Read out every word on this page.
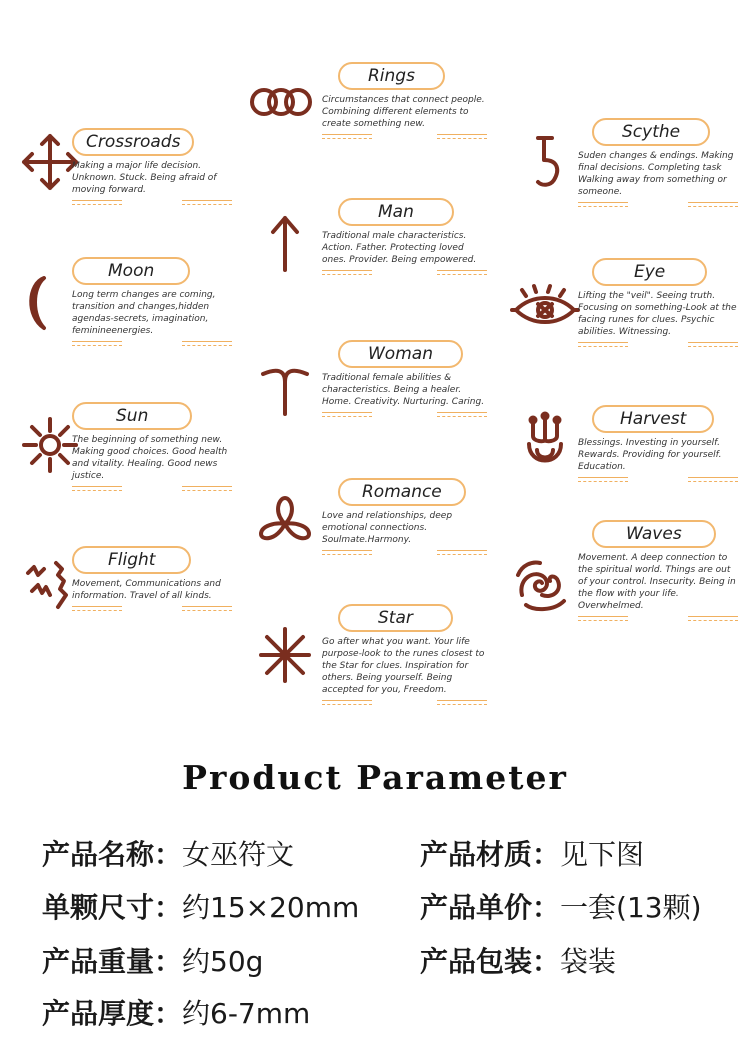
Crossroads
Making a major life decision. Unknown. Stuck. Being afraid of moving forward.
Moon
Long term changes are coming, transition and changes,hidden agendas-secrets, imagination, feminineenergies.
Sun
The beginning of something new. Making good choices. Good health and vitality. Healing. Good news justice.
Flight
Movement, Communications and information. Travel of all kinds.
Rings
Circumstances that connect people. Combining different elements to create something new.
Man
Traditional male characteristics. Action. Father. Protecting loved ones. Provider. Being empowered.
Woman
Traditional female abilities & characteristics. Being a healer. Home. Creativity. Nurturing. Caring.
Romance
Love and relationships, deep emotional connections. Soulmate.Harmony.
Star
Go after what you want. Your life purpose-look to the runes closest to the Star for clues. Inspiration for others. Being yourself. Being accepted for you, Freedom.
Scythe
Suden changes & endings. Making final decisions. Completing task Walking away from something or someone.
Eye
Lifting the "veil". Seeing truth. Focusing on something-Look at the facing runes for clues. Psychic abilities. Witnessing.
Harvest
Blessings. Investing in yourself. Rewards. Providing for yourself. Education.
Waves
Movement. A deep connection to the spiritual world. Things are out of your control. Insecurity. Being in the flow with your life. Overwhelmed.
Product Parameter
产品名称：女巫符文	产品材质：见下图
单颗尺寸：约15×20mm 产品单价：一套(13颗)
产品重量：约50g	产品包装：袋装
产品厚度：约6-7mm
